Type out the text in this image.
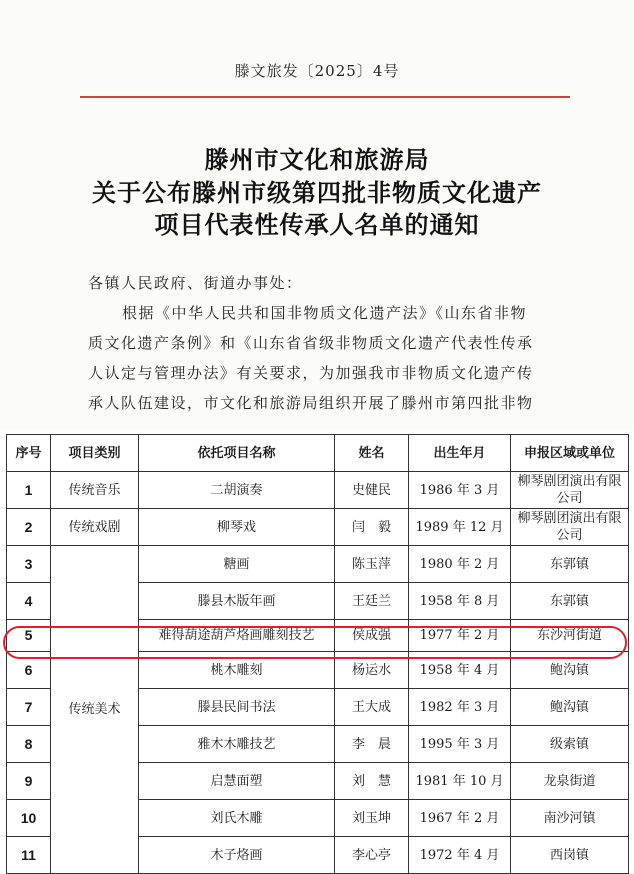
滕文旅发〔2025〕4号
滕州市文化和旅游局
关于公布滕州市级第四批非物质文化遗产
项目代表性传承人名单的通知
各镇人民政府、街道办事处：
根据《中华人民共和国非物质文化遗产法》《山东省非物
质文化遗产条例》和《山东省省级非物质文化遗产代表性传承
人认定与管理办法》有关要求，为加强我市非物质文化遗产传
承人队伍建设，市文化和旅游局组织开展了滕州市第四批非物
序号	项目类别	依托项目名称	姓名	出生年月	申报区域或单位
1	传统音乐	二胡演奏	史健民	1986 年 3 月	柳琴剧团演出有限公司
2	传统戏剧	柳琴戏	闫　毅	1989 年 12 月	柳琴剧团演出有限公司
3	传统美术	糖画	陈玉萍	1980 年 2 月	东郭镇
4		滕县木版年画	王廷兰	1958 年 8 月	东郭镇
5		难得葫途葫芦烙画雕刻技艺	侯成强	1977 年 2 月	东沙河街道
6		桃木雕刻	杨运水	1958 年 4 月	鲍沟镇
7		滕县民间书法	王大成	1982 年 3 月	鲍沟镇
8		雅木木雕技艺	李　晨	1995 年 3 月	级索镇
9		启慧面塑	刘　慧	1981 年 10 月	龙泉街道
10		刘氏木雕	刘玉坤	1967 年 2 月	南沙河镇
11		木子烙画	李心亭	1972 年 4 月	西岗镇
